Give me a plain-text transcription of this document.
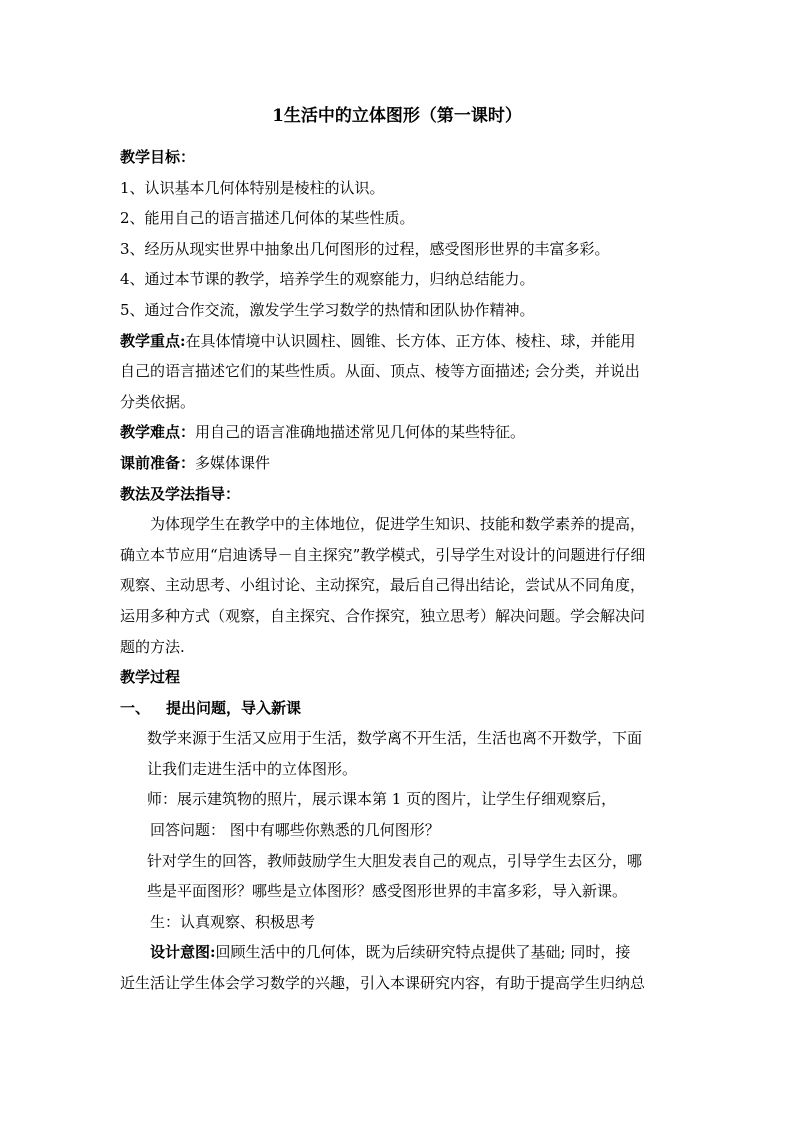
1生活中的立体图形（第一课时）
教学目标：
1、认识基本几何体特别是棱柱的认识。
2、能用自己的语言描述几何体的某些性质。
3、经历从现实世界中抽象出几何图形的过程，感受图形世界的丰富多彩。
4、通过本节课的教学，培养学生的观察能力，归纳总结能力。
5、通过合作交流，激发学生学习数学的热情和团队协作精神。
教学重点:在具体情境中认识圆柱、圆锥、长方体、正方体、棱柱、球，并能用
自己的语言描述它们的某些性质。从面、顶点、棱等方面描述; 会分类，并说出
分类依据。
教学难点：用自己的语言准确地描述常见几何体的某些特征。
课前准备：多媒体课件
教法及学法指导：
为体现学生在教学中的主体地位，促进学生知识、技能和数学素养的提高，
确立本节应用“启迪诱导－自主探究”教学模式，引导学生对设计的问题进行仔细
观察、主动思考、小组讨论、主动探究，最后自己得出结论，尝试从不同角度，
运用多种方式（观察，自主探究、合作探究，独立思考）解决问题。学会解决问
题的方法.
教学过程
一、 提出问题，导入新课
数学来源于生活又应用于生活，数学离不开生活，生活也离不开数学，下面
让我们走进生活中的立体图形。
师：展示建筑物的照片，展示课本第 1 页的图片，让学生仔细观察后，
回答问题： 图中有哪些你熟悉的几何图形？
针对学生的回答，教师鼓励学生大胆发表自己的观点，引导学生去区分，哪
些是平面图形？哪些是立体图形？感受图形世界的丰富多彩，导入新课。
生：认真观察、积极思考
设计意图:回顾生活中的几何体，既为后续研究特点提供了基础; 同时，接
近生活让学生体会学习数学的兴趣，引入本课研究内容，有助于提高学生归纳总
